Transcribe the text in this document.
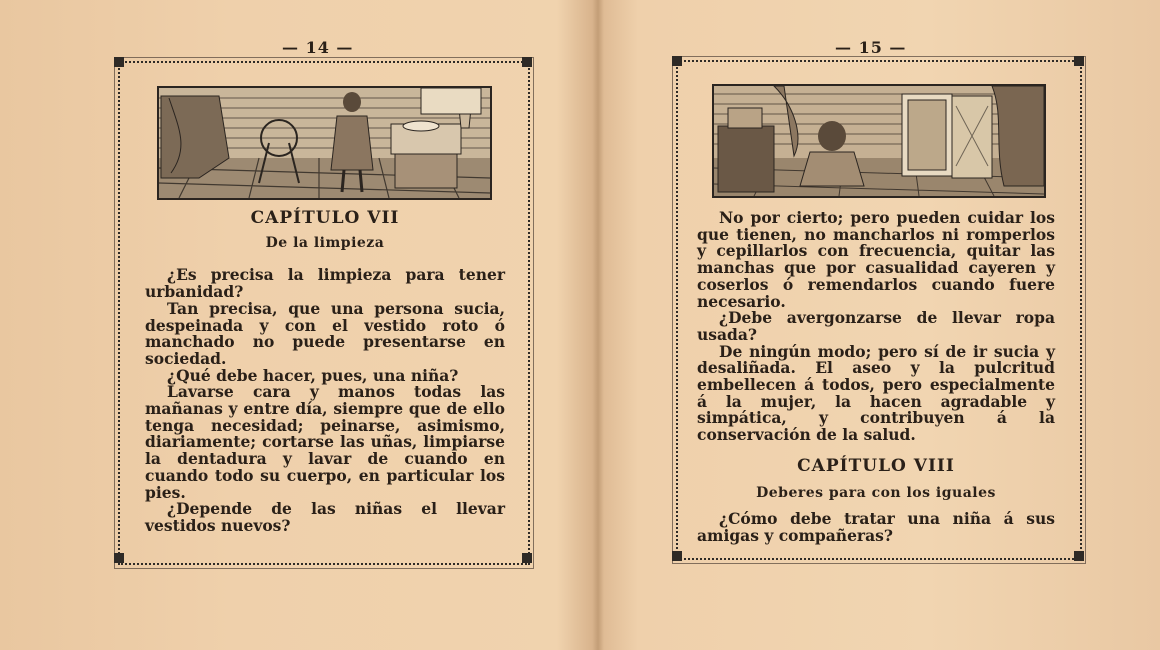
— 14 —

CAPÍTULO VII

De la limpieza

¿Es precisa la limpieza para tener urbanidad?

Tan precisa, que una persona sucia, despeinada y con el vestido roto ó manchado no puede presentarse en sociedad.

¿Qué debe hacer, pues, una niña?

Lavarse cara y manos todas las mañanas y entre día, siempre que de ello tenga necesidad; peinarse, asimismo, diariamente; cortarse las uñas, limpiarse la dentadura y lavar de cuando en cuando todo su cuerpo, en particular los pies.

¿Depende de las niñas el llevar vestidos nuevos?

— 15 —

No por cierto; pero pueden cuidar los que tienen, no mancharlos ni romperlos y cepillarlos con frecuencia, quitar las manchas que por casualidad cayeren y coserlos ó remendarlos cuando fuere necesario.

¿Debe avergonzarse de llevar ropa usada?

De ningún modo; pero sí de ir sucia y desaliñada. El aseo y la pulcritud embellecen á todos, pero especialmente á la mujer, la hacen agradable y simpática, y contribuyen á la conservación de la salud.

CAPÍTULO VIII

Deberes para con los iguales

¿Cómo debe tratar una niña á sus amigas y compañeras?
